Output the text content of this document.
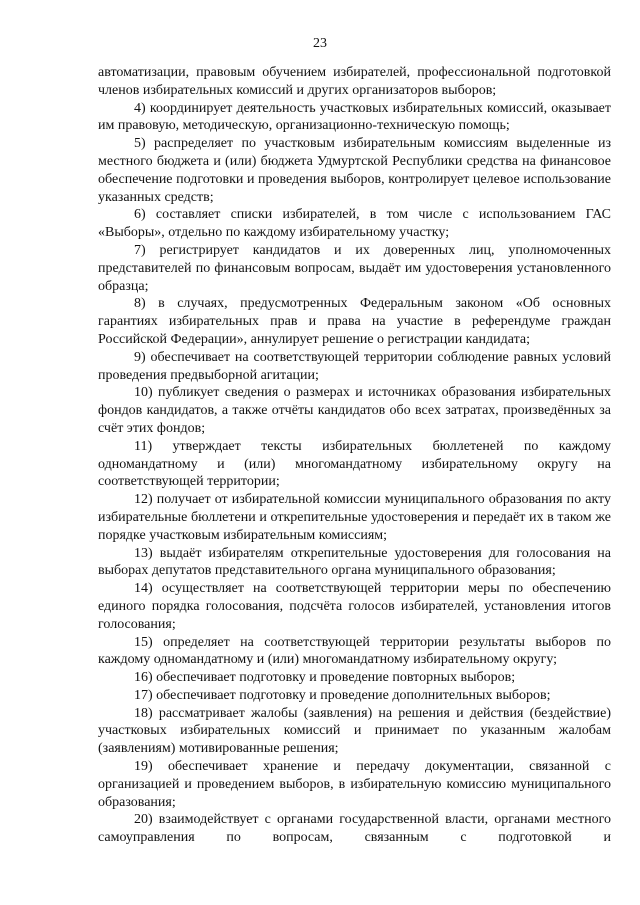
23

автоматизации, правовым обучением избирателей, профессиональной подготовкой членов избирательных комиссий и других организаторов выборов;

4) координирует деятельность участковых избирательных комиссий, оказывает им правовую, методическую, организационно-техническую помощь;

5) распределяет по участковым избирательным комиссиям выделенные из местного бюджета и (или) бюджета Удмуртской Республики средства на финансовое обеспечение подготовки и проведения выборов, контролирует целевое использование указанных средств;

6) составляет списки избирателей, в том числе с использованием ГАС «Выборы», отдельно по каждому избирательному участку;

7) регистрирует кандидатов и их доверенных лиц, уполномоченных представителей по финансовым вопросам, выдаёт им удостоверения установленного образца;

8) в случаях, предусмотренных Федеральным законом «Об основных гарантиях избирательных прав и права на участие в референдуме граждан Российской Федерации», аннулирует решение о регистрации кандидата;

9) обеспечивает на соответствующей территории соблюдение равных условий проведения предвыборной агитации;

10) публикует сведения о размерах и источниках образования избирательных фондов кандидатов, а также отчёты кандидатов обо всех затратах, произведённых за счёт этих фондов;

11) утверждает тексты избирательных бюллетеней по каждому одномандатному и (или) многомандатному избирательному округу на соответствующей территории;

12) получает от избирательной комиссии муниципального образования по акту избирательные бюллетени и открепительные удостоверения и передаёт их в таком же порядке участковым избирательным комиссиям;

13) выдаёт избирателям открепительные удостоверения для голосования на выборах депутатов представительного органа муниципального образования;

14) осуществляет на соответствующей территории меры по обеспечению единого порядка голосования, подсчёта голосов избирателей, установления итогов голосования;

15) определяет на соответствующей территории результаты выборов по каждому одномандатному и (или) многомандатному избирательному округу;

16) обеспечивает подготовку и проведение повторных выборов;

17) обеспечивает подготовку и проведение дополнительных выборов;

18) рассматривает жалобы (заявления) на решения и действия (бездействие) участковых избирательных комиссий и принимает по указанным жалобам (заявлениям) мотивированные решения;

19) обеспечивает хранение и передачу документации, связанной с организацией и проведением выборов, в избирательную комиссию муниципального образования;

20) взаимодействует с органами государственной власти, органами местного самоуправления по вопросам, связанным с подготовкой и
